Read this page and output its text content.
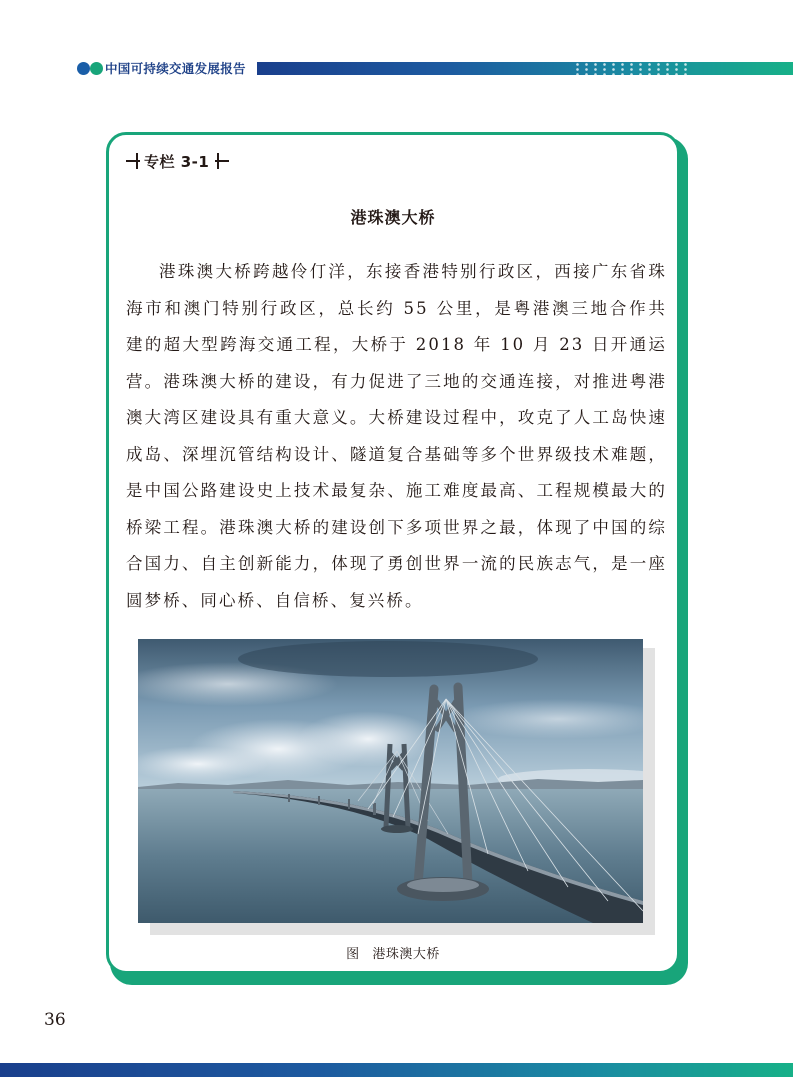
中国可持续交通发展报告
专栏 3-1
港珠澳大桥

港珠澳大桥跨越伶仃洋，东接香港特别行政区，西接广东省珠海市和澳门特别行政区，总长约 55 公里，是粤港澳三地合作共建的超大型跨海交通工程，大桥于 2018 年 10 月 23 日开通运营。港珠澳大桥的建设，有力促进了三地的交通连接，对推进粤港澳大湾区建设具有重大意义。大桥建设过程中，攻克了人工岛快速成岛、深埋沉管结构设计、隧道复合基础等多个世界级技术难题，是中国公路建设史上技术最复杂、施工难度最高、工程规模最大的桥梁工程。港珠澳大桥的建设创下多项世界之最，体现了中国的综合国力、自主创新能力，体现了勇创世界一流的民族志气，是一座圆梦桥、同心桥、自信桥、复兴桥。

图 港珠澳大桥
36
